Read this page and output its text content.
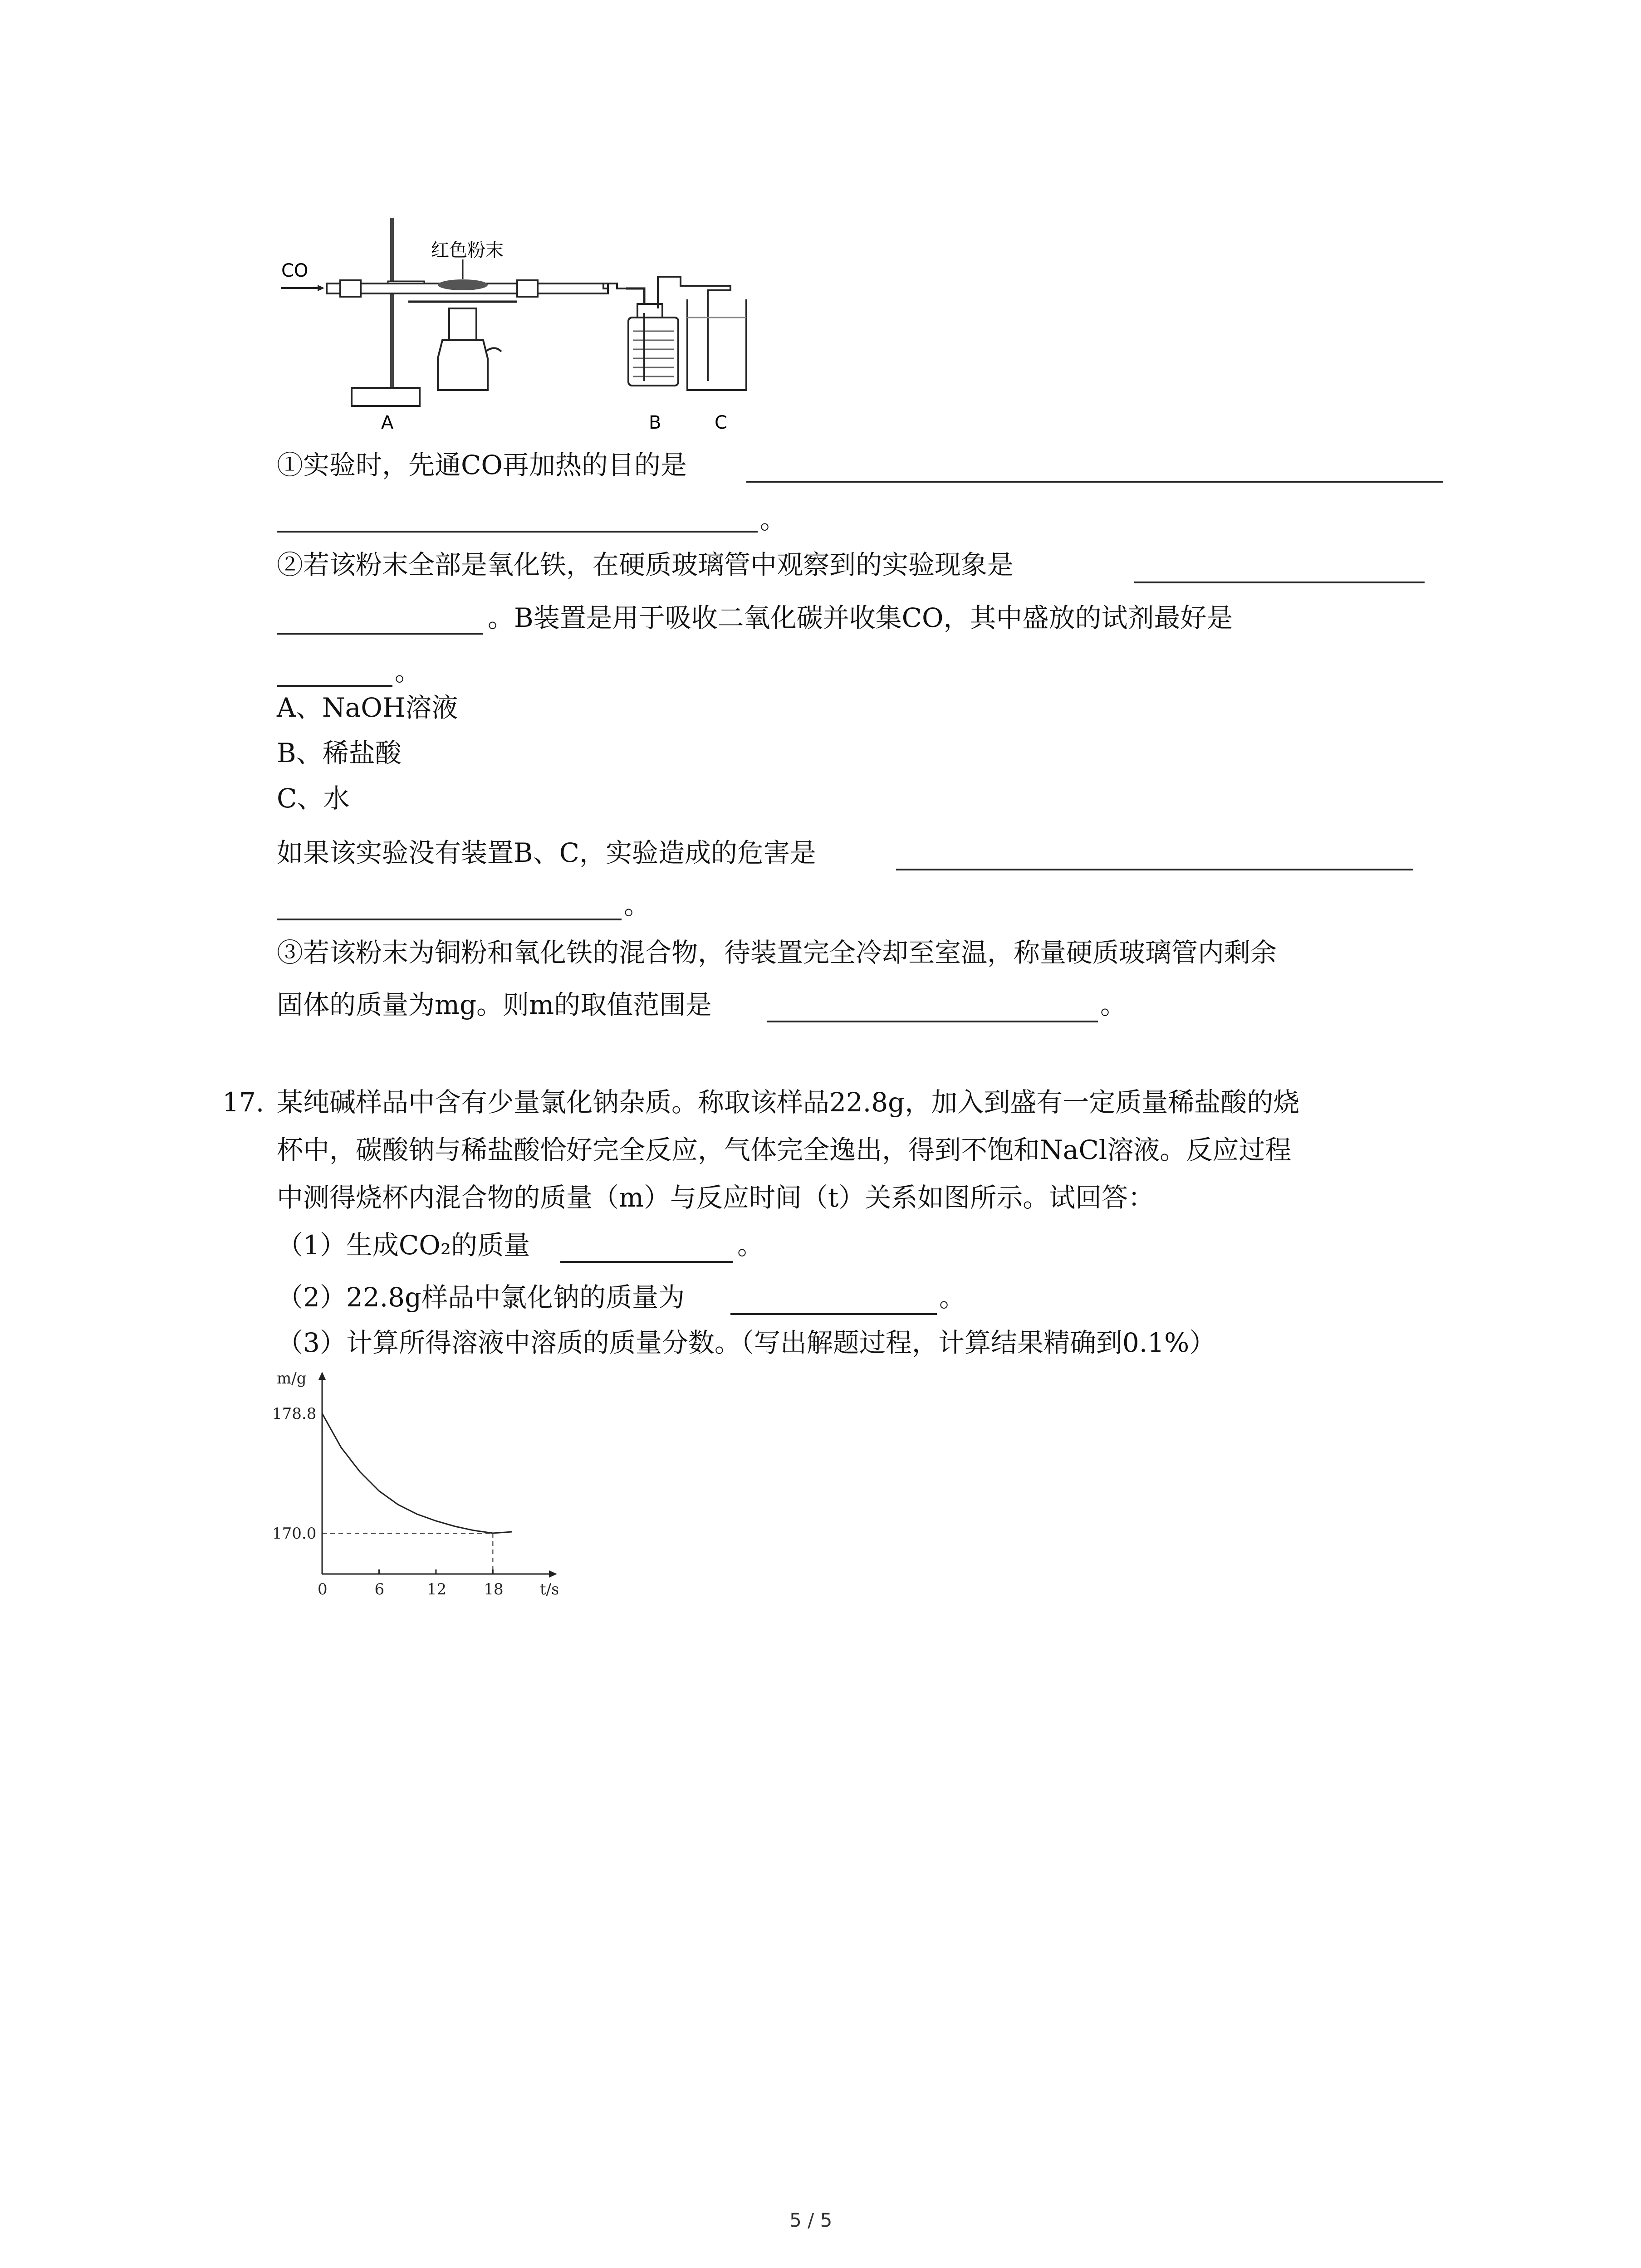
CO
红色粉末
A	B	C
①实验时，先通CO再加热的目的是
。
②若该粉末全部是氧化铁，在硬质玻璃管中观察到的实验现象是
。B装置是用于吸收二氧化碳并收集CO，其中盛放的试剂最好是
。
A、NaOH溶液
B、稀盐酸
C、水
如果该实验没有装置B、C，实验造成的危害是
。
③若该粉末为铜粉和氧化铁的混合物，待装置完全冷却至室温，称量硬质玻璃管内剩余
固体的质量为mg。则m的取值范围是	。
17. 某纯碱样品中含有少量氯化钠杂质。称取该样品22.8g，加入到盛有一定质量稀盐酸的烧
杯中，碳酸钠与稀盐酸恰好完全反应，气体完全逸出，得到不饱和NaCl溶液。反应过程
中测得烧杯内混合物的质量（m）与反应时间（t）关系如图所示。试回答：
（1）生成CO₂的质量	。
（2）22.8g样品中氯化钠的质量为	。
（3）计算所得溶液中溶质的质量分数。（写出解题过程，计算结果精确到0.1%）
m/g
t/s
0	6	12 18
178.8
170.0
5 / 5
